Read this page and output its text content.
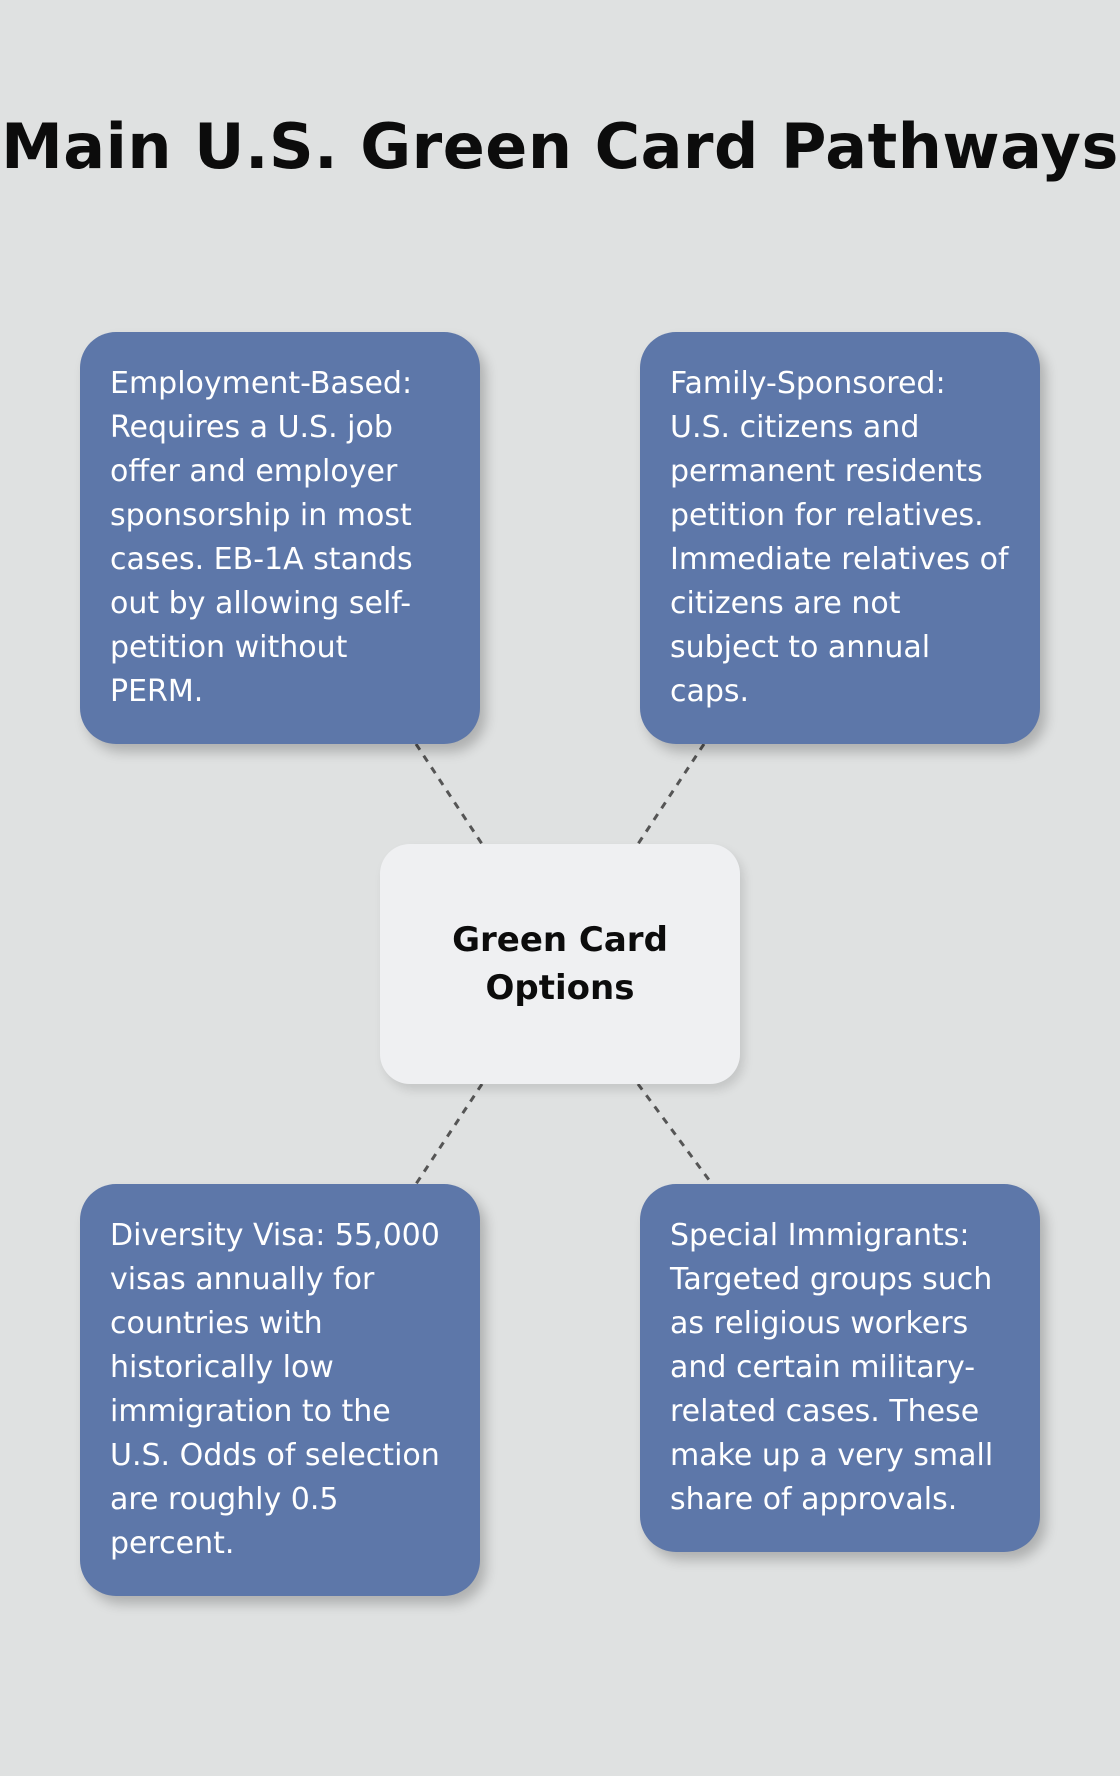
Main U.S. Green Card Pathways
Employment-Based: Requires a U.S. job offer and employer sponsorship in most cases. EB-1A stands out by allowing self-petition without PERM.
Family-Sponsored: U.S. citizens and permanent residents petition for relatives. Immediate relatives of citizens are not subject to annual caps.
Green Card Options
Diversity Visa: 55,000 visas annually for countries with historically low immigration to the U.S. Odds of selection are roughly 0.5 percent.
Special Immigrants: Targeted groups such as religious workers and certain military-related cases. These make up a very small share of approvals.
